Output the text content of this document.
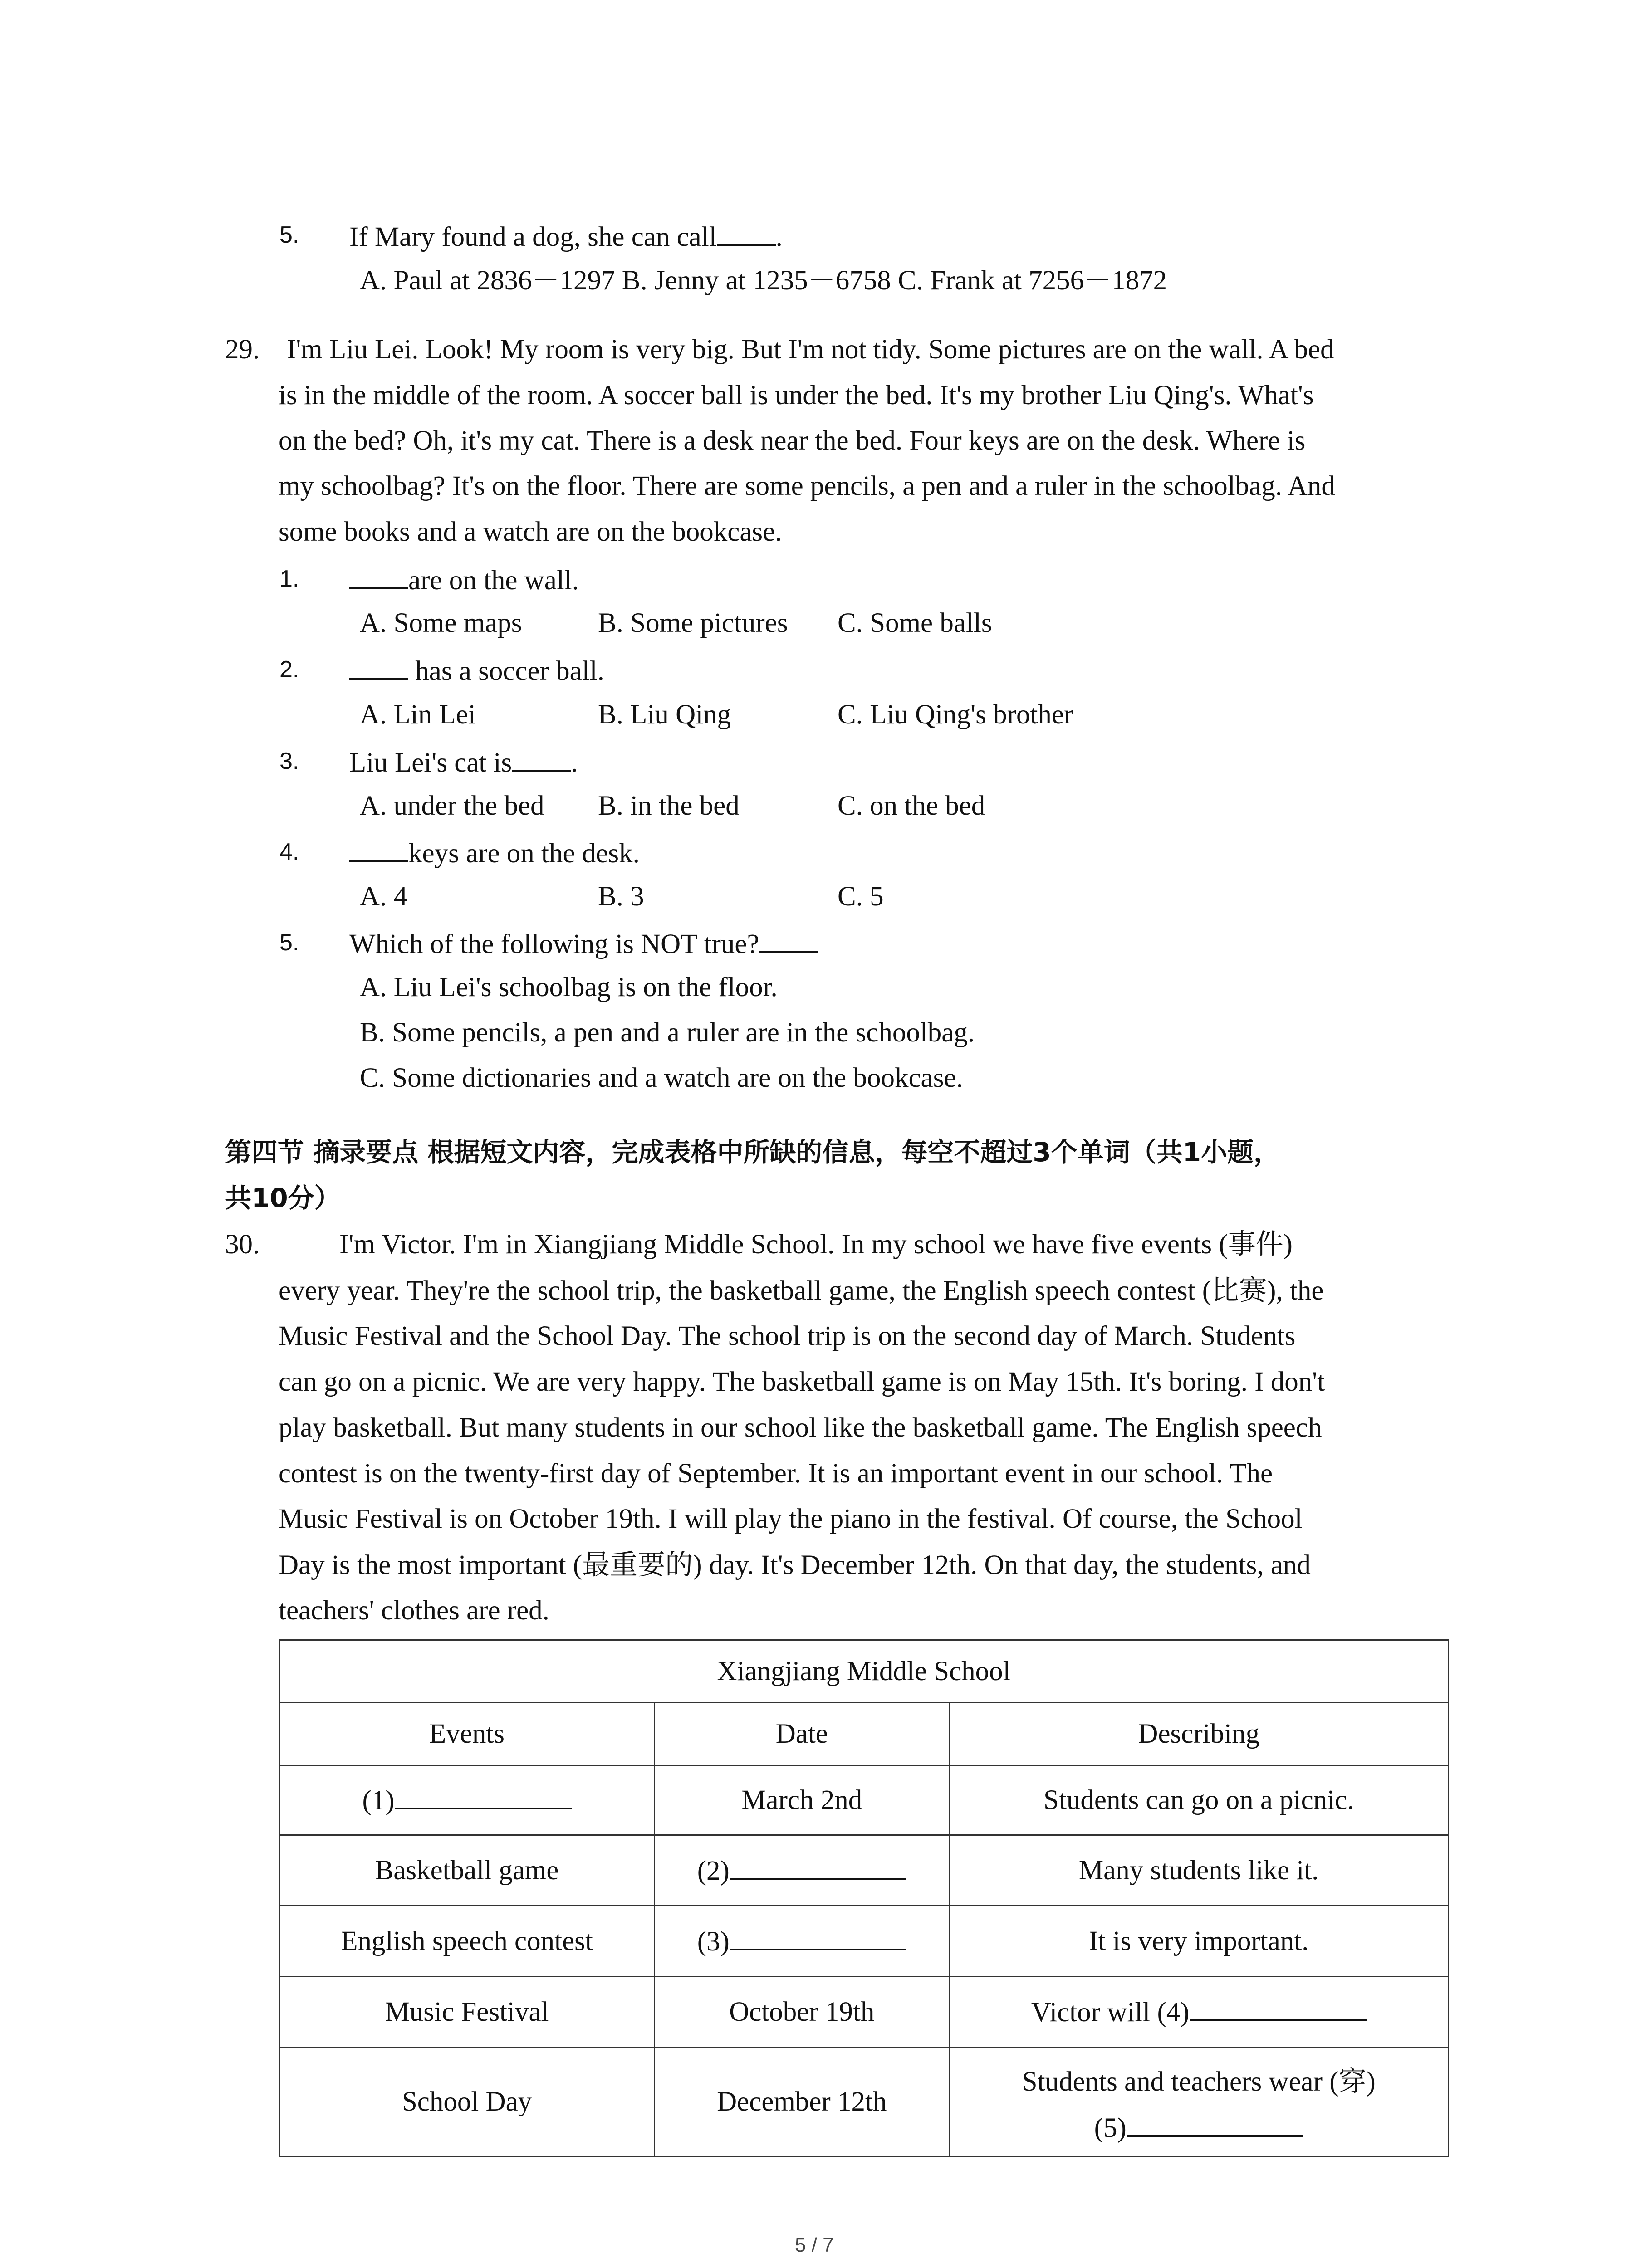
5. If Mary found a dog, she can call .
A. Paul at 2836－1297 B. Jenny at 1235－6758 C. Frank at 7256－1872
29. I'm Liu Lei. Look! My room is very big. But I'm not tidy. Some pictures are on the wall. A bed
is in the middle of the room. A soccer ball is under the bed. It's my brother Liu Qing's. What's
on the bed? Oh, it's my cat. There is a desk near the bed. Four keys are on the desk. Where is
my schoolbag? It's on the floor. There are some pencils, a pen and a ruler in the schoolbag. And
some books and a watch are on the bookcase.
1.	are on the wall.
A. Some maps	B. Some pictures C. Some balls
2.	has a soccer ball.
A. Lin Lei	B. Liu Qing	C. Liu Qing's brother
3. Liu Lei's cat is .
A. under the bed B. in the bed	C. on the bed
4.	keys are on the desk.
A. 4	B. 3	C. 5
5. Which of the following is NOT true?
A. Liu Lei's schoolbag is on the floor.
B. Some pencils, a pen and a ruler are in the schoolbag.
C. Some dictionaries and a watch are on the bookcase.
第四节 摘录要点 根据短文内容，完成表格中所缺的信息，每空不超过3个单词（共1小题，
共10分）
30.	I'm Victor. I'm in Xiangjiang Middle School. In my school we have five events (事件)
every year. They're the school trip, the basketball game, the English speech contest (比赛), the
Music Festival and the School Day. The school trip is on the second day of March. Students
can go on a picnic. We are very happy. The basketball game is on May 15th. It's boring. I don't
play basketball. But many students in our school like the basketball game. The English speech
contest is on the twenty-first day of September. It is an important event in our school. The
Music Festival is on October 19th. I will play the piano in the festival. Of course, the School
Day is the most important (最重要的) day. It's December 12th. On that day, the students, and
teachers' clothes are red.
Xiangjiang Middle School		
Events	Date	Describing
(1)	March 2nd	Students can go on a picnic.
Basketball game	(2)	Many students like it.
English speech contest	(3)	It is very important.
Music Festival	October 19th	Victor will (4)
School Day	December 12th	Students and teachers wear (穿)
(5)
5 / 7
